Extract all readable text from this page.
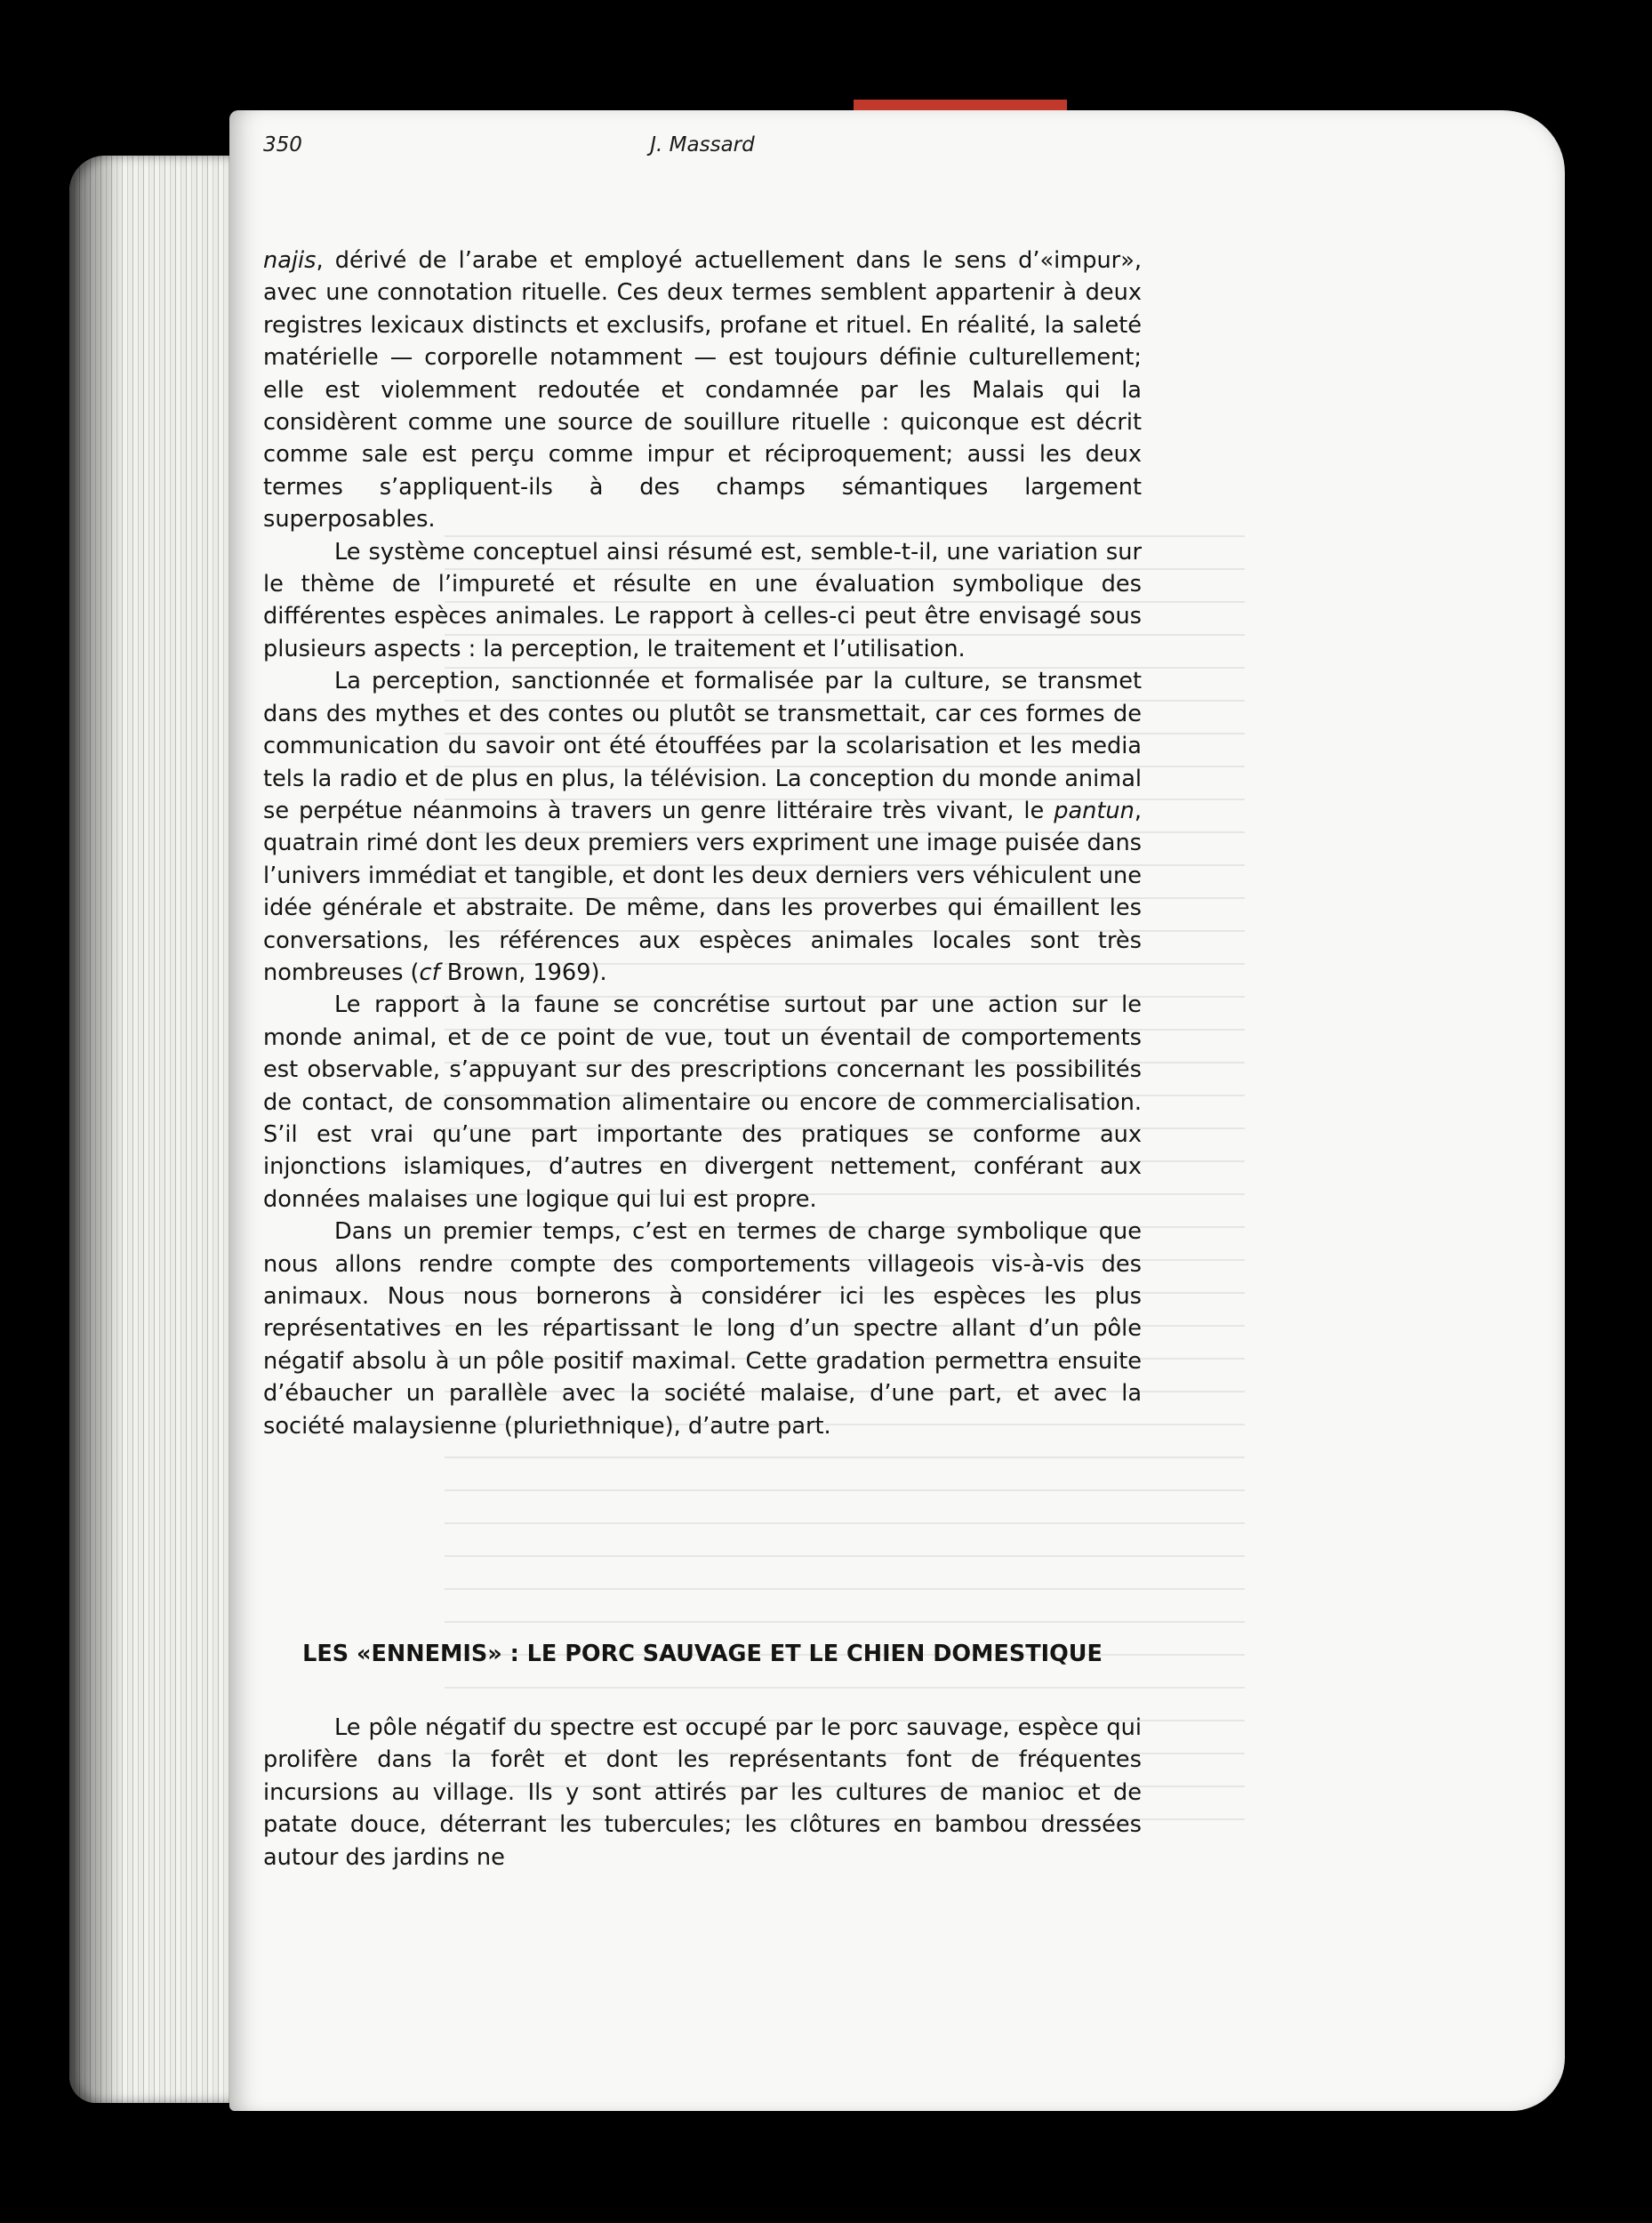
350	J. Massard

najis, dérivé de l’arabe et employé actuellement dans le sens d’«impur», avec une connotation rituelle. Ces deux termes semblent appartenir à deux registres lexicaux distincts et exclusifs, profane et rituel. En réalité, la saleté matérielle — corporelle notamment — est toujours définie culturellement; elle est violemment redoutée et condamnée par les Malais qui la considèrent comme une source de souillure rituelle : quiconque est décrit comme sale est perçu comme impur et réciproquement; aussi les deux termes s’appliquent-ils à des champs sémantiques largement superposables.

Le système conceptuel ainsi résumé est, semble-t-il, une variation sur le thème de l’impureté et résulte en une évaluation symbolique des différentes espèces animales. Le rapport à celles-ci peut être envisagé sous plusieurs aspects : la perception, le traitement et l’utilisation.

La perception, sanctionnée et formalisée par la culture, se transmet dans des mythes et des contes ou plutôt se transmettait, car ces formes de communication du savoir ont été étouffées par la scolarisation et les media tels la radio et de plus en plus, la télévision. La conception du monde animal se perpétue néanmoins à travers un genre littéraire très vivant, le pantun, quatrain rimé dont les deux premiers vers expriment une image puisée dans l’univers immédiat et tangible, et dont les deux derniers vers véhiculent une idée générale et abstraite. De même, dans les proverbes qui émaillent les conversations, les références aux espèces animales locales sont très nombreuses (cf Brown, 1969).

Le rapport à la faune se concrétise surtout par une action sur le monde animal, et de ce point de vue, tout un éventail de comportements est observable, s’appuyant sur des prescriptions concernant les possibilités de contact, de consommation alimentaire ou encore de commercialisation. S’il est vrai qu’une part importante des pratiques se conforme aux injonctions islamiques, d’autres en divergent nettement, conférant aux données malaises une logique qui lui est propre.

Dans un premier temps, c’est en termes de charge symbolique que nous allons rendre compte des comportements villageois vis-à-vis des animaux. Nous nous bornerons à considérer ici les espèces les plus représentatives en les répartissant le long d’un spectre allant d’un pôle négatif absolu à un pôle positif maximal. Cette gradation permettra ensuite d’ébaucher un parallèle avec la société malaise, d’une part, et avec la société malaysienne (pluriethnique), d’autre part.

LES «ENNEMIS» : LE PORC SAUVAGE ET LE CHIEN DOMESTIQUE

Le pôle négatif du spectre est occupé par le porc sauvage, espèce qui prolifère dans la forêt et dont les représentants font de fréquentes incursions au village. Ils y sont attirés par les cultures de manioc et de patate douce, déterrant les tubercules; les clôtures en bambou dressées autour des jardins ne
